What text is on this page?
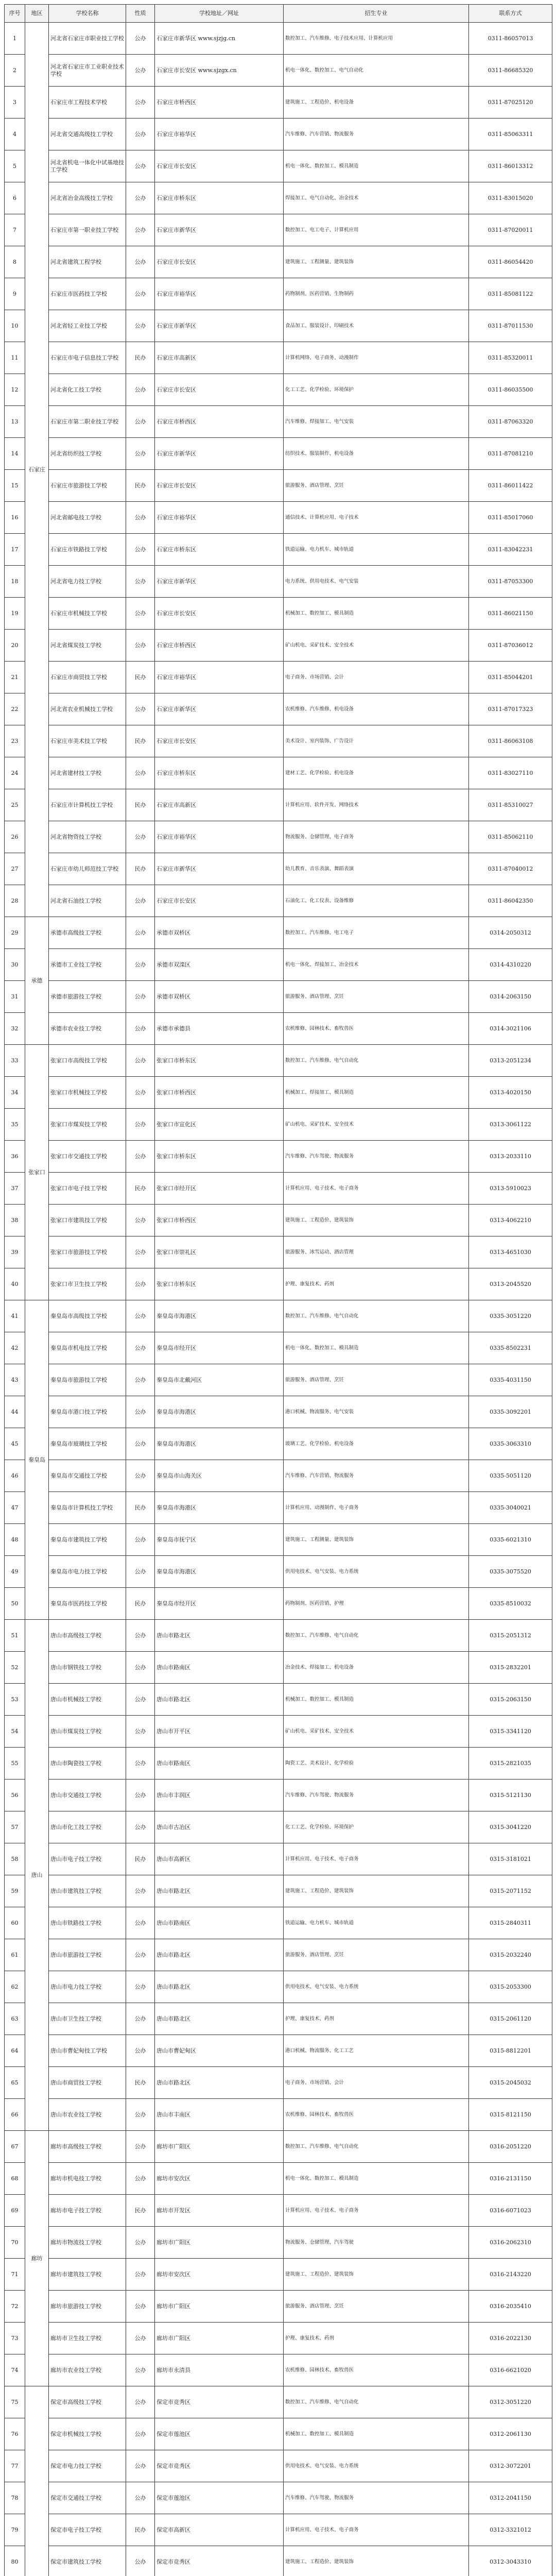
序号	地区	学校名称	性质	学校地址／网址	招生专业	联系方式
1	石家庄	河北省石家庄市职业技工学校	公办	石家庄市新华区 www.sjzjg.cn	数控加工、汽车维修、电子技术应用、计算机应用	0311-86057013
2		河北省石家庄市工业职业技术学校	公办	石家庄市长安区 www.sjzgx.cn	机电一体化、数控加工、电气自动化	0311-86685320
3		石家庄市工程技术学校	公办	石家庄市桥西区	建筑施工、工程造价、机电设备	0311-87025120
4		河北省交通高级技工学校	公办	石家庄市裕华区	汽车维修、汽车营销、物流服务	0311-85063311
5		河北省机电一体化中试基地技工学校	公办	石家庄市长安区	机电一体化、数控加工、模具制造	0311-86013312
6		河北省冶金高级技工学校	公办	石家庄市桥东区	焊接加工、电气自动化、冶金技术	0311-83015020
7		石家庄市第一职业技工学校	公办	石家庄市新华区	数控加工、电工电子、计算机应用	0311-87020011
8		河北省建筑工程学校	公办	石家庄市长安区	建筑施工、工程测量、建筑装饰	0311-86054420
9		石家庄市医药技工学校	公办	石家庄市裕华区	药物制剂、医药营销、生物制药	0311-85081122
10		河北省轻工业技工学校	公办	石家庄市新华区	食品加工、服装设计、印刷技术	0311-87011530
11		石家庄市电子信息技工学校	民办	石家庄市高新区	计算机网络、电子商务、动漫制作	0311-85320011
12		河北省化工技工学校	公办	石家庄市长安区	化工工艺、化学检验、环境保护	0311-86035500
13		石家庄市第二职业技工学校	公办	石家庄市桥西区	汽车维修、焊接加工、电气安装	0311-87063320
14		河北省纺织技工学校	公办	石家庄市新华区	纺织技术、服装制作、机电设备	0311-87081210
15		石家庄市旅游技工学校	民办	石家庄市长安区	旅游服务、酒店管理、烹饪	0311-86011422
16		河北省邮电技工学校	公办	石家庄市裕华区	通信技术、计算机应用、电子技术	0311-85017060
17		石家庄市铁路技工学校	公办	石家庄市桥东区	铁道运输、电力机车、城市轨道	0311-83042231
18		河北省电力技工学校	公办	石家庄市新华区	电力系统、供用电技术、电气安装	0311-87053300
19		石家庄市机械技工学校	公办	石家庄市长安区	机械加工、数控加工、模具制造	0311-86021150
20		河北省煤炭技工学校	公办	石家庄市桥西区	矿山机电、采矿技术、安全技术	0311-87036012
21		石家庄市商贸技工学校	民办	石家庄市裕华区	电子商务、市场营销、会计	0311-85044201
22		河北省农业机械技工学校	公办	石家庄市新华区	农机维修、汽车维修、机电设备	0311-87017323
23		石家庄市美术技工学校	民办	石家庄市长安区	美术设计、室内装饰、广告设计	0311-86063108
24		河北省建材技工学校	公办	石家庄市桥东区	建材工艺、化学检验、机电设备	0311-83027110
25		石家庄市计算机技工学校	民办	石家庄市高新区	计算机应用、软件开发、网络技术	0311-85310027
26		河北省物资技工学校	公办	石家庄市裕华区	物流服务、仓储管理、电子商务	0311-85062110
27		石家庄市幼儿师范技工学校	民办	石家庄市新华区	幼儿教育、音乐表演、舞蹈表演	0311-87040012
28		河北省石油技工学校	公办	石家庄市长安区	石油化工、化工仪表、设备维修	0311-86042350
29	承德	承德市高级技工学校	公办	承德市双桥区	数控加工、汽车维修、电工电子	0314-2050312
30		承德市工业技工学校	公办	承德市双滦区	机电一体化、焊接加工、冶金技术	0314-4310220
31		承德市旅游技工学校	公办	承德市双桥区	旅游服务、酒店管理、烹饪	0314-2063150
32		承德市农业技工学校	公办	承德市承德县	农机维修、园林技术、畜牧兽医	0314-3021106
33	张家口	张家口市高级技工学校	公办	张家口市桥东区	数控加工、汽车维修、电气自动化	0313-2051234
34		张家口市机械技工学校	公办	张家口市桥西区	机械加工、焊接加工、模具制造	0313-4020150
35		张家口市煤炭技工学校	公办	张家口市宣化区	矿山机电、采矿技术、安全技术	0313-3061122
36		张家口市交通技工学校	公办	张家口市桥东区	汽车维修、汽车驾驶、物流服务	0313-2033110
37		张家口市电子技工学校	民办	张家口市经开区	计算机应用、电子技术、电子商务	0313-5910023
38		张家口市建筑技工学校	公办	张家口市桥西区	建筑施工、工程造价、建筑装饰	0313-4062210
39		张家口市旅游技工学校	公办	张家口市崇礼区	旅游服务、冰雪运动、酒店管理	0313-4651030
40		张家口市卫生技工学校	公办	张家口市桥东区	护理、康复技术、药剂	0313-2045520
41	秦皇岛	秦皇岛市高级技工学校	公办	秦皇岛市海港区	数控加工、汽车维修、电气自动化	0335-3051220
42		秦皇岛市机电技工学校	公办	秦皇岛市经开区	机电一体化、数控加工、模具制造	0335-8502231
43		秦皇岛市旅游技工学校	公办	秦皇岛市北戴河区	旅游服务、酒店管理、烹饪	0335-4031150
44		秦皇岛市港口技工学校	公办	秦皇岛市海港区	港口机械、物流服务、电气安装	0335-3092201
45		秦皇岛市玻璃技工学校	公办	秦皇岛市海港区	玻璃工艺、化学检验、机电设备	0335-3063310
46		秦皇岛市交通技工学校	公办	秦皇岛市山海关区	汽车维修、汽车营销、物流服务	0335-5051120
47		秦皇岛市计算机技工学校	民办	秦皇岛市海港区	计算机应用、动漫制作、电子商务	0335-3040021
48		秦皇岛市建筑技工学校	公办	秦皇岛市抚宁区	建筑施工、工程测量、建筑装饰	0335-6021310
49		秦皇岛市电力技工学校	公办	秦皇岛市海港区	供用电技术、电气安装、电力系统	0335-3075520
50		秦皇岛市医药技工学校	民办	秦皇岛市经开区	药物制剂、医药营销、护理	0335-8510032
51	唐山	唐山市高级技工学校	公办	唐山市路北区	数控加工、汽车维修、电气自动化	0315-2051312
52		唐山市钢铁技工学校	公办	唐山市路南区	冶金技术、焊接加工、机电设备	0315-2832201
53		唐山市机械技工学校	公办	唐山市路北区	机械加工、数控加工、模具制造	0315-2063150
54		唐山市煤炭技工学校	公办	唐山市开平区	矿山机电、采矿技术、安全技术	0315-3341120
55		唐山市陶瓷技工学校	公办	唐山市路南区	陶瓷工艺、美术设计、化学检验	0315-2821035
56		唐山市交通技工学校	公办	唐山市丰润区	汽车维修、汽车驾驶、物流服务	0315-5121130
57		唐山市化工技工学校	公办	唐山市古冶区	化工工艺、化学检验、环境保护	0315-3041220
58		唐山市电子技工学校	民办	唐山市高新区	计算机应用、电子技术、电子商务	0315-3181021
59		唐山市建筑技工学校	公办	唐山市路北区	建筑施工、工程造价、建筑装饰	0315-2071152
60		唐山市铁路技工学校	公办	唐山市路南区	铁道运输、电力机车、城市轨道	0315-2840311
61		唐山市旅游技工学校	公办	唐山市路北区	旅游服务、酒店管理、烹饪	0315-2032240
62		唐山市电力技工学校	公办	唐山市路北区	供用电技术、电气安装、电力系统	0315-2053300
63		唐山市卫生技工学校	公办	唐山市路北区	护理、康复技术、药剂	0315-2061120
64		唐山市曹妃甸技工学校	公办	唐山市曹妃甸区	港口机械、物流服务、化工工艺	0315-8812201
65		唐山市商贸技工学校	民办	唐山市路北区	电子商务、市场营销、会计	0315-2045032
66		唐山市农业技工学校	公办	唐山市丰南区	农机维修、园林技术、畜牧兽医	0315-8121150
67	廊坊	廊坊市高级技工学校	公办	廊坊市广阳区	数控加工、汽车维修、电气自动化	0316-2051220
68		廊坊市机电技工学校	公办	廊坊市安次区	机电一体化、数控加工、模具制造	0316-2131150
69		廊坊市电子技工学校	民办	廊坊市开发区	计算机应用、电子技术、电子商务	0316-6071023
70		廊坊市物流技工学校	公办	廊坊市广阳区	物流服务、仓储管理、汽车驾驶	0316-2062310
71		廊坊市建筑技工学校	公办	廊坊市安次区	建筑施工、工程造价、建筑装饰	0316-2143220
72		廊坊市旅游技工学校	公办	廊坊市广阳区	旅游服务、酒店管理、烹饪	0316-2035410
73		廊坊市卫生技工学校	公办	廊坊市广阳区	护理、康复技术、药剂	0316-2022130
74		廊坊市农业技工学校	公办	廊坊市永清县	农机维修、园林技术、畜牧兽医	0316-6621020
75		保定市高级技工学校	公办	保定市竞秀区	数控加工、汽车维修、电气自动化	0312-3051220
76		保定市机械技工学校	公办	保定市莲池区	机械加工、数控加工、模具制造	0312-2061130
77		保定市电力技工学校	公办	保定市竞秀区	供用电技术、电气安装、电力系统	0312-3072201
78		保定市交通技工学校	公办	保定市莲池区	汽车维修、汽车驾驶、物流服务	0312-2041150
79		保定市电子技工学校	民办	保定市高新区	计算机应用、电子技术、电子商务	0312-3321012
80		保定市建筑技工学校	公办	保定市竞秀区	建筑施工、工程造价、建筑装饰	0312-3043310
